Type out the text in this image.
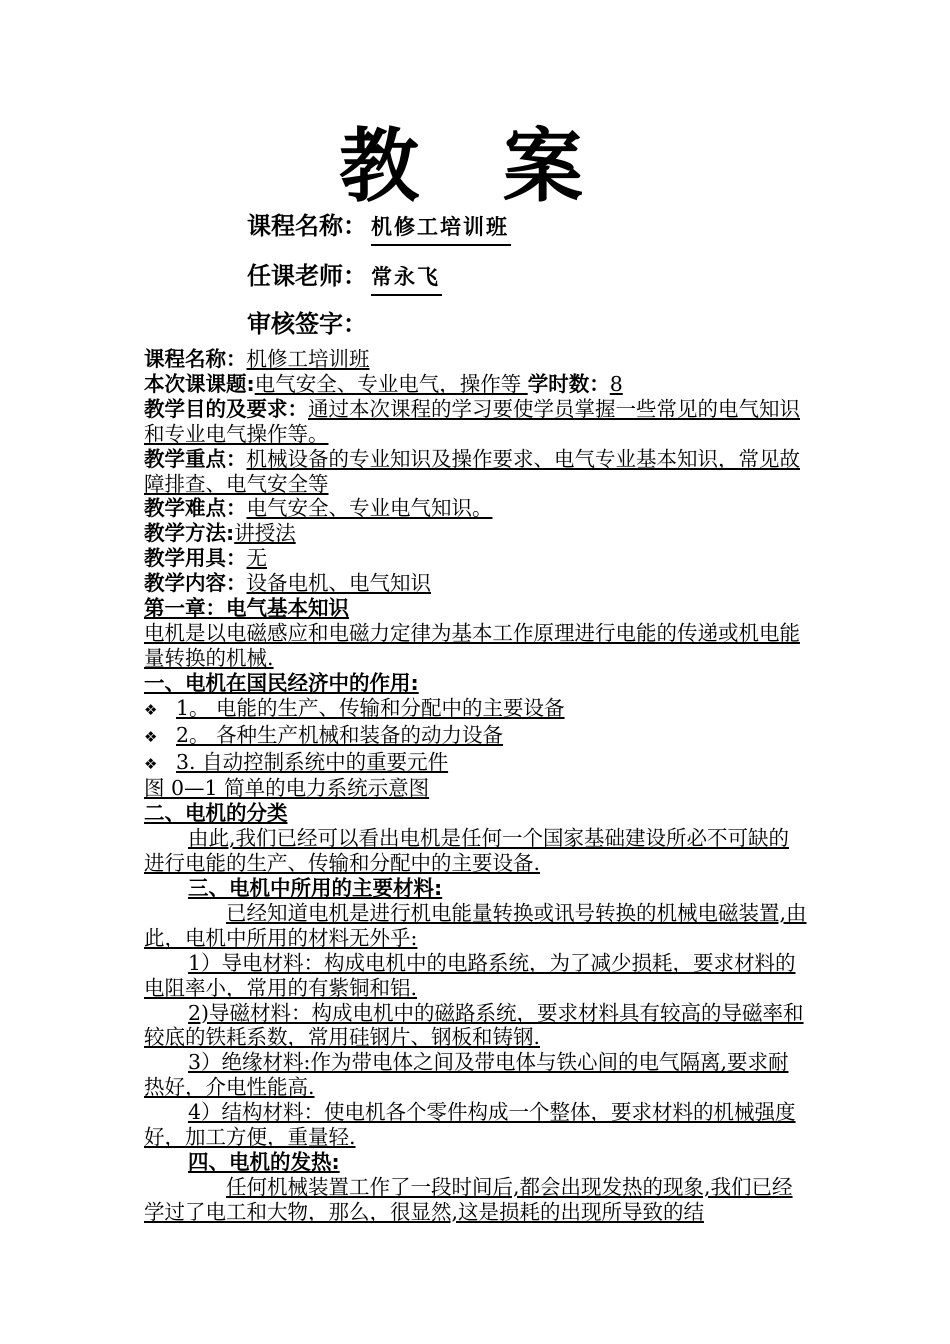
教 案
课程名称： 机修工培训班
任课老师： 常永飞
审核签字：

课程名称：机修工培训班

本次课课题:电气安全、专业电气，操作等 学时数：8

教学目的及要求：通过本次课程的学习要使学员掌握一些常见的电气知识和专业电气操作等。

教学重点：机械设备的专业知识及操作要求、电气专业基本知识，常见故障排查、电气安全等

教学难点：电气安全、专业电气知识。

教学方法:讲授法

教学用具：无

教学内容：设备电机、电气知识

第一章：电气基本知识

电机是以电磁感应和电磁力定律为基本工作原理进行电能的传递或机电能量转换的机械.

一、电机在国民经济中的作用:

❖ 1。 电能的生产、传输和分配中的主要设备

❖ 2。 各种生产机械和装备的动力设备

❖ 3. 自动控制系统中的重要元件

图 0—1 简单的电力系统示意图

二、电机的分类

由此,我们已经可以看出电机是任何一个国家基础建设所必不可缺的进行电能的生产、传输和分配中的主要设备.

三、电机中所用的主要材料:

已经知道电机是进行机电能量转换或讯号转换的机械电磁装置,由此，电机中所用的材料无外乎:

1）导电材料：构成电机中的电路系统，为了减少损耗，要求材料的电阻率小，常用的有紫铜和铝.

2)导磁材料：构成电机中的磁路系统，要求材料具有较高的导磁率和较底的铁耗系数，常用硅钢片、钢板和铸钢.

3）绝缘材料:作为带电体之间及带电体与铁心间的电气隔离,要求耐热好，介电性能高.

4）结构材料：使电机各个零件构成一个整体，要求材料的机械强度好，加工方便，重量轻.

四、电机的发热:

任何机械装置工作了一段时间后,都会出现发热的现象,我们已经学过了电工和大物，那么，很显然,这是损耗的出现所导致的结
